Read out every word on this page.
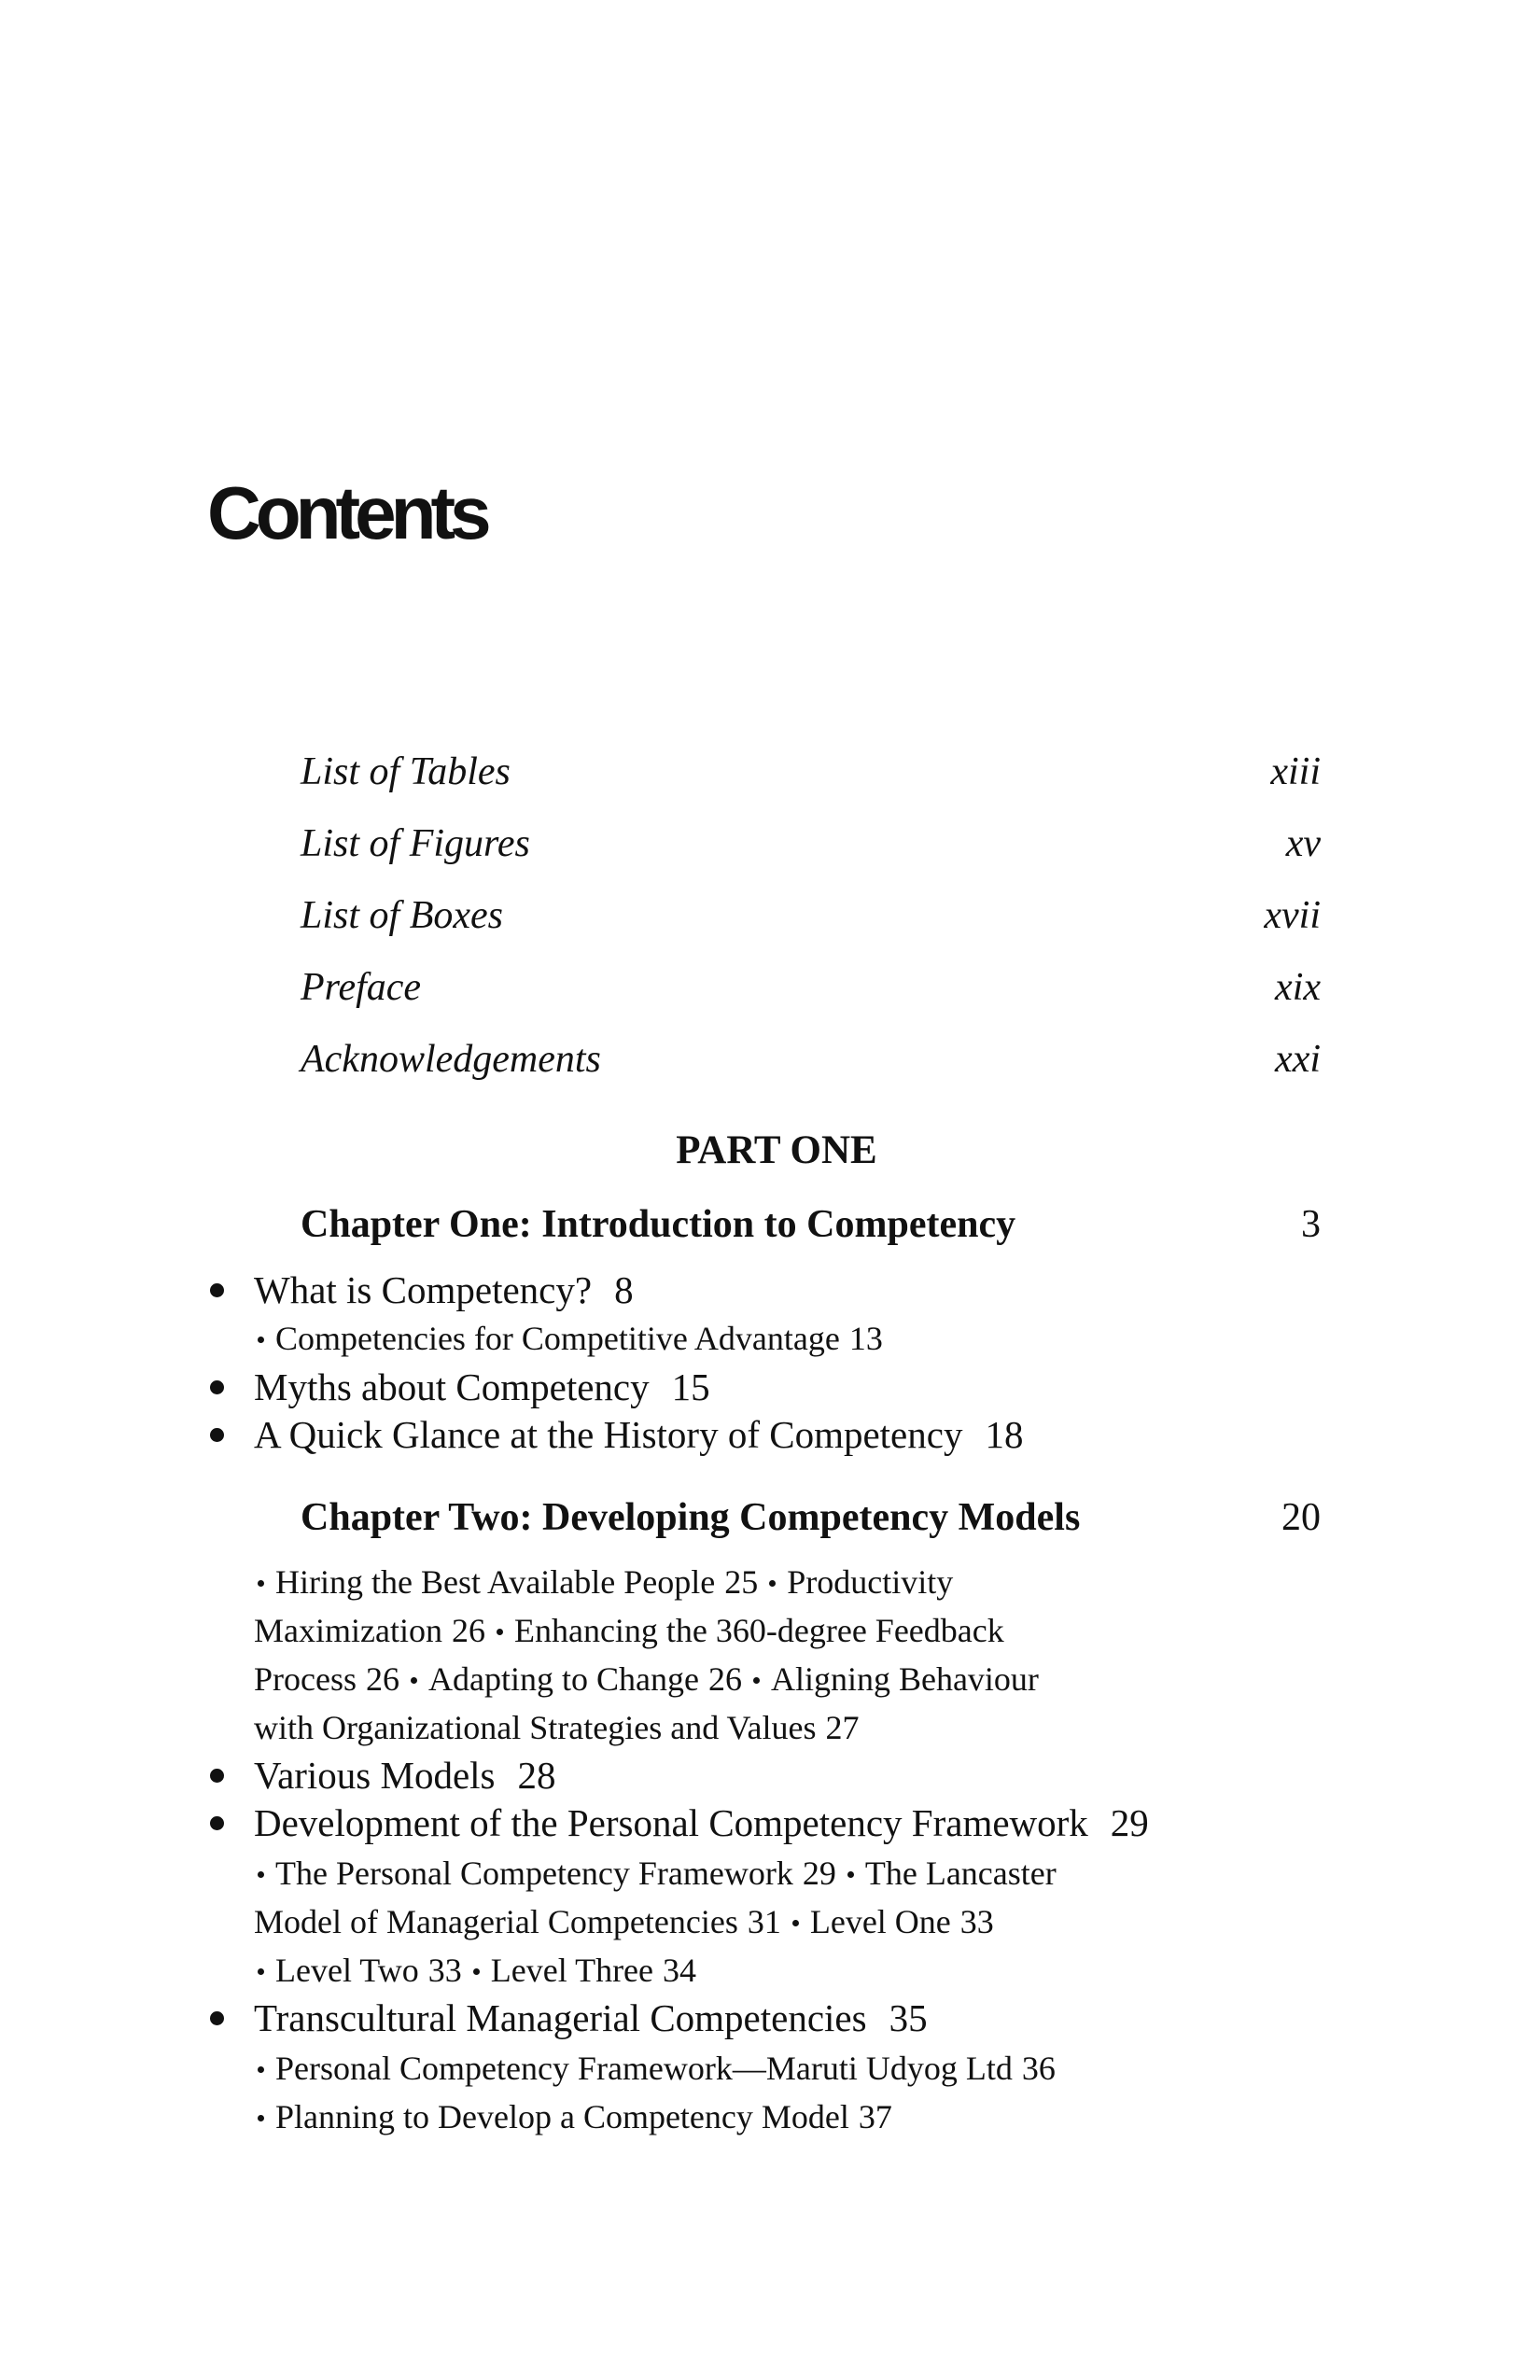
Contents
List of Tables	xiii
List of Figures	xv
List of Boxes	xvii
Preface	xix
Acknowledgements	xxi
PART ONE
Chapter One: Introduction to Competency	3
What is Competency? 8
Competencies for Competitive Advantage 13
Myths about Competency 15
A Quick Glance at the History of Competency 18
Chapter Two: Developing Competency Models	20
Hiring the Best Available People 25 Productivity
Maximization 26 Enhancing the 360-degree Feedback
Process 26 Adapting to Change 26 Aligning Behaviour
with Organizational Strategies and Values 27
Various Models 28
Development of the Personal Competency Framework 29
The Personal Competency Framework 29 The Lancaster
Model of Managerial Competencies 31 Level One 33
Level Two 33 Level Three 34
Transcultural Managerial Competencies 35
Personal Competency Framework—Maruti Udyog Ltd 36
Planning to Develop a Competency Model 37
